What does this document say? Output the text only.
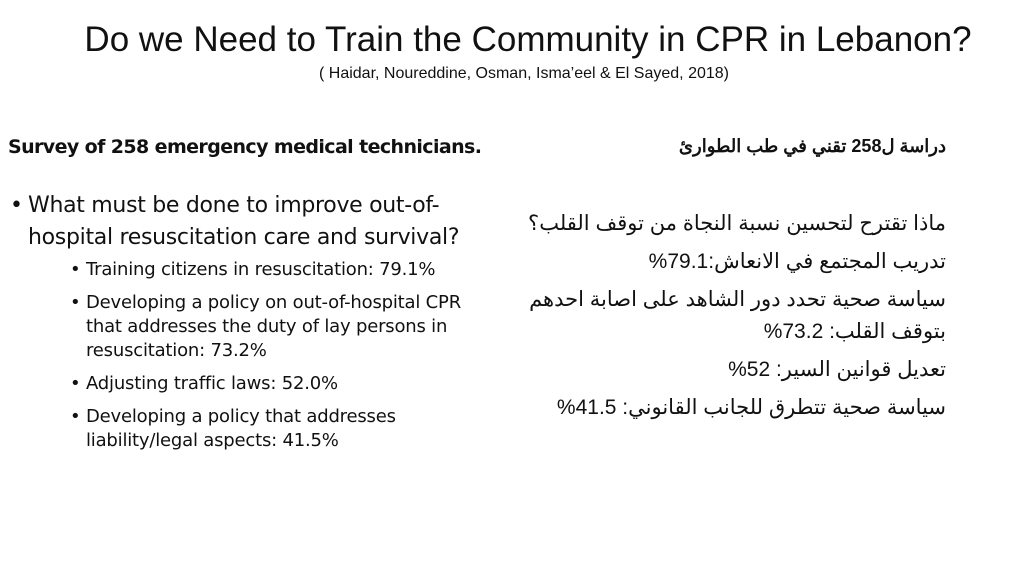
Do we Need to Train the Community in CPR in Lebanon?
( Haidar, Noureddine, Osman, Isma’eel & El Sayed, 2018)
Survey of 258 emergency medical technicians.
• What must be done to improve out-of-hospital resuscitation care and survival?
• Training citizens in resuscitation: 79.1%
• Developing a policy on out-of-hospital CPR that addresses the duty of lay persons in resuscitation: 73.2%
• Adjusting traffic laws: 52.0%
• Developing a policy that addresses liability/legal aspects: 41.5%
دراسة ل258 تقني في طب الطوارئ
ماذا تقترح لتحسين نسبة النجاة من توقف القلب؟
تدريب المجتمع في الانعاش:79.1%
سياسة صحية تحدد دور الشاهد على اصابة احدهم بتوقف القلب: 73.2%
تعديل قوانين السير: 52%
سياسة صحية تتطرق للجانب القانوني: 41.5%
